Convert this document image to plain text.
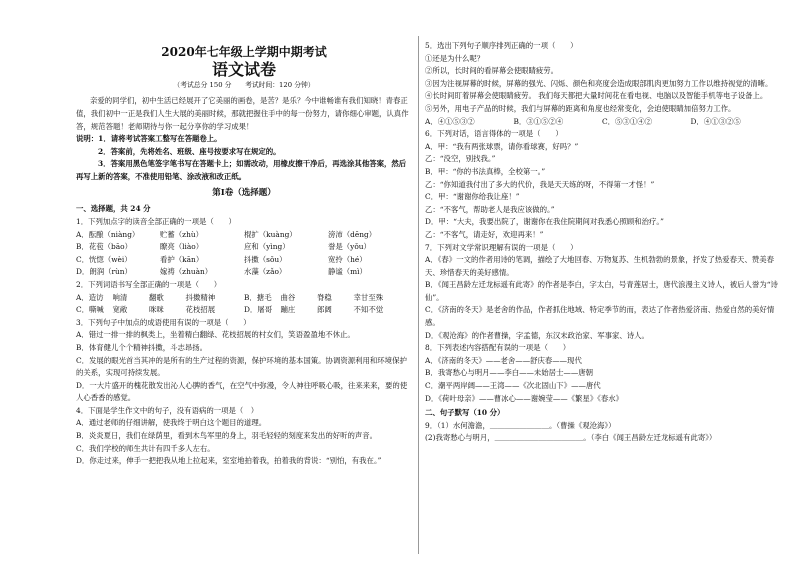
2020年七年级上学期中期考试
语文试卷
（考试总分 150 分　　考试时间：120 分钟）
亲爱的同学们，初中生活已经展开了它美丽的画卷，是苦？是乐？今中谁畅谁有我们知晓！青春正值，我们初中一正是我们人生大展的美丽时候，那就把握住手中的每一份努力，请你细心审题，认真作答，规范答题！老师期待与你一起分享你的学习成果！
说明：1．请将考试答案工整写在答题卷上。
2．答案前，先将姓名、班级、座号按要求写在规定的。
3．答案用黑色笔签字笔书写在答题卡上；如需改动，用橡皮擦干净后，再选涂其他答案，然后再写上新的答案，不准使用铅笔、涂改液和改正纸。
第Ⅰ卷（选择题）
一、选择题，共 24 分
1．下列加点字的读音全部正确的一项是（　　）
A．酝酿（niàng）	贮蓄（zhù）	棍扩（kuàng）	滂沛（dēng）
B．花苞（bāo）	瞭亮（liào）	应和（yìng）	誉是（yǒu）
C．恍惚（wèi）	看护（kān）	抖擞（sǒu）	宽拎（hé）
D．朗润（rùn）	嫁祷（zhuàn）	水藻（zǎo）	静谧（mì）
2．下列词语书写全部正确的一项是（　　）
A．造访	响清	翻歌	抖擞精神	B．搪毛	曲谷	脊稳	幸甘至殊
C．嘶喊	宽敞	咪咪	花枝招展	D．屠哥	蹦庄	郎阔	不知不觉
3．下列句子中加点的成语使用有误的一项是（　　）
A．错过一排一排的枫类上，坐着精白翻绿、花枝招展的村女们，笑语盈盈地不休止。
B．体育健儿个个精神抖擞，斗志昂扬。
C．发展的眼光首当其冲的是所有的生产过程的资源，保护环境的基本国策。协调资源利用和环境保护的关系，实现可持续发展。
D．一大片盛开的槐花散发出沁人心脾的香气，在空气中弥漫，令人神往呼吸心吸，往来来来，要的使人心香香的感觉。
4．下面是学生作文中的句子，没有语病的一项是（　）
A．通过老师的仔细讲解，使我终于明白这个题目的道理。
B．炎炎夏日，我们在绿荫里，看到木鸟军里的身上，羽毛轻轻的刻度来发出的好听的声音。
C．我们学校的师生共计有四千多人左右。
D．你走过来，伸手一把把我从地上拉起来，室室地拍着我，拍着我的背说：“别怕，有我在。”
5．选出下列句子顺序排列正确的一项（　　）
①还是为什么呢？
②所以，长时间的看屏幕会使眼睛疲劳。
③因为注视屏幕的时候，屏幕的强光、闪烁、颜色和亮度会造成眼部肌肉更加努力工作以维持视觉的清晰。
④长时间盯着屏幕会使眼睛疲劳。 我们每天都把大量时间花在看电视、电脑以及智能手机等电子设备上。
⑤另外，用电子产品的时候，我们与屏幕的距离和角度也经常变化，会迫使眼睛加倍努力工作。
A．④①⑤③②	B．③①⑤②④	C．⑤③①④②	D．④①③②⑤
6．下列对话，语言得体的一项是（　　）
A．甲：“我有两张球票，请你看球赛，好吗？”
乙：“没空，别找我。”
B．甲：“你的书法真棒，全校第一。”
乙：“你知道我付出了多大的代价，我是天天练的呀，不得第一才怪！”
C．甲：“谢谢你给我让座！”
乙：“不客气，帮助老人是我应该做的。”
D．甲：“大夫，我要出院了，谢谢你在我住院期间对我悉心照顾和治疗。”
乙：“不客气，请走好，欢迎再来！”
7．下列对文学常识理解有误的一项是（　　）
A．《春》一文的作者用诗的笔调，描绘了大地回春、万物复苏、生机勃勃的景象，抒发了热爱春天、赞美春天、珍惜春天的美好感情。
B．《闻王昌龄左迁龙标遥有此寄》的作者是李白，字太白，号青莲居士，唐代浪漫主义诗人，被后人誉为“诗仙”。
C．《济南的冬天》是老舍的作品，作者抓住地域、特定季节的而，表达了作者热爱济南、热爱自然的美好情感。
D．《观沧海》的作者曹操，字孟德，东汉末政治家、军事家、诗人。
8．下列表述内容搭配有误的一项是（　　）
A．《济南的冬天》——老舍——舒庆春——现代
B．我寄愁心与明月——李白——未始居士——唐朝
C．潮平两岸阔——王湾——《次北固山下》——唐代
D．《荷叶母亲》——曹冰心——谢婉莹——《繁星》《春水》
二、句子默写（10 分）
9．（1）水何澹澹，＿＿＿＿＿＿＿＿。（曹操《观沧海》）
(2)我寄愁心与明月，＿＿＿＿＿＿＿＿＿＿＿＿。（李白《闻王昌龄左迁龙标遥有此寄》）
